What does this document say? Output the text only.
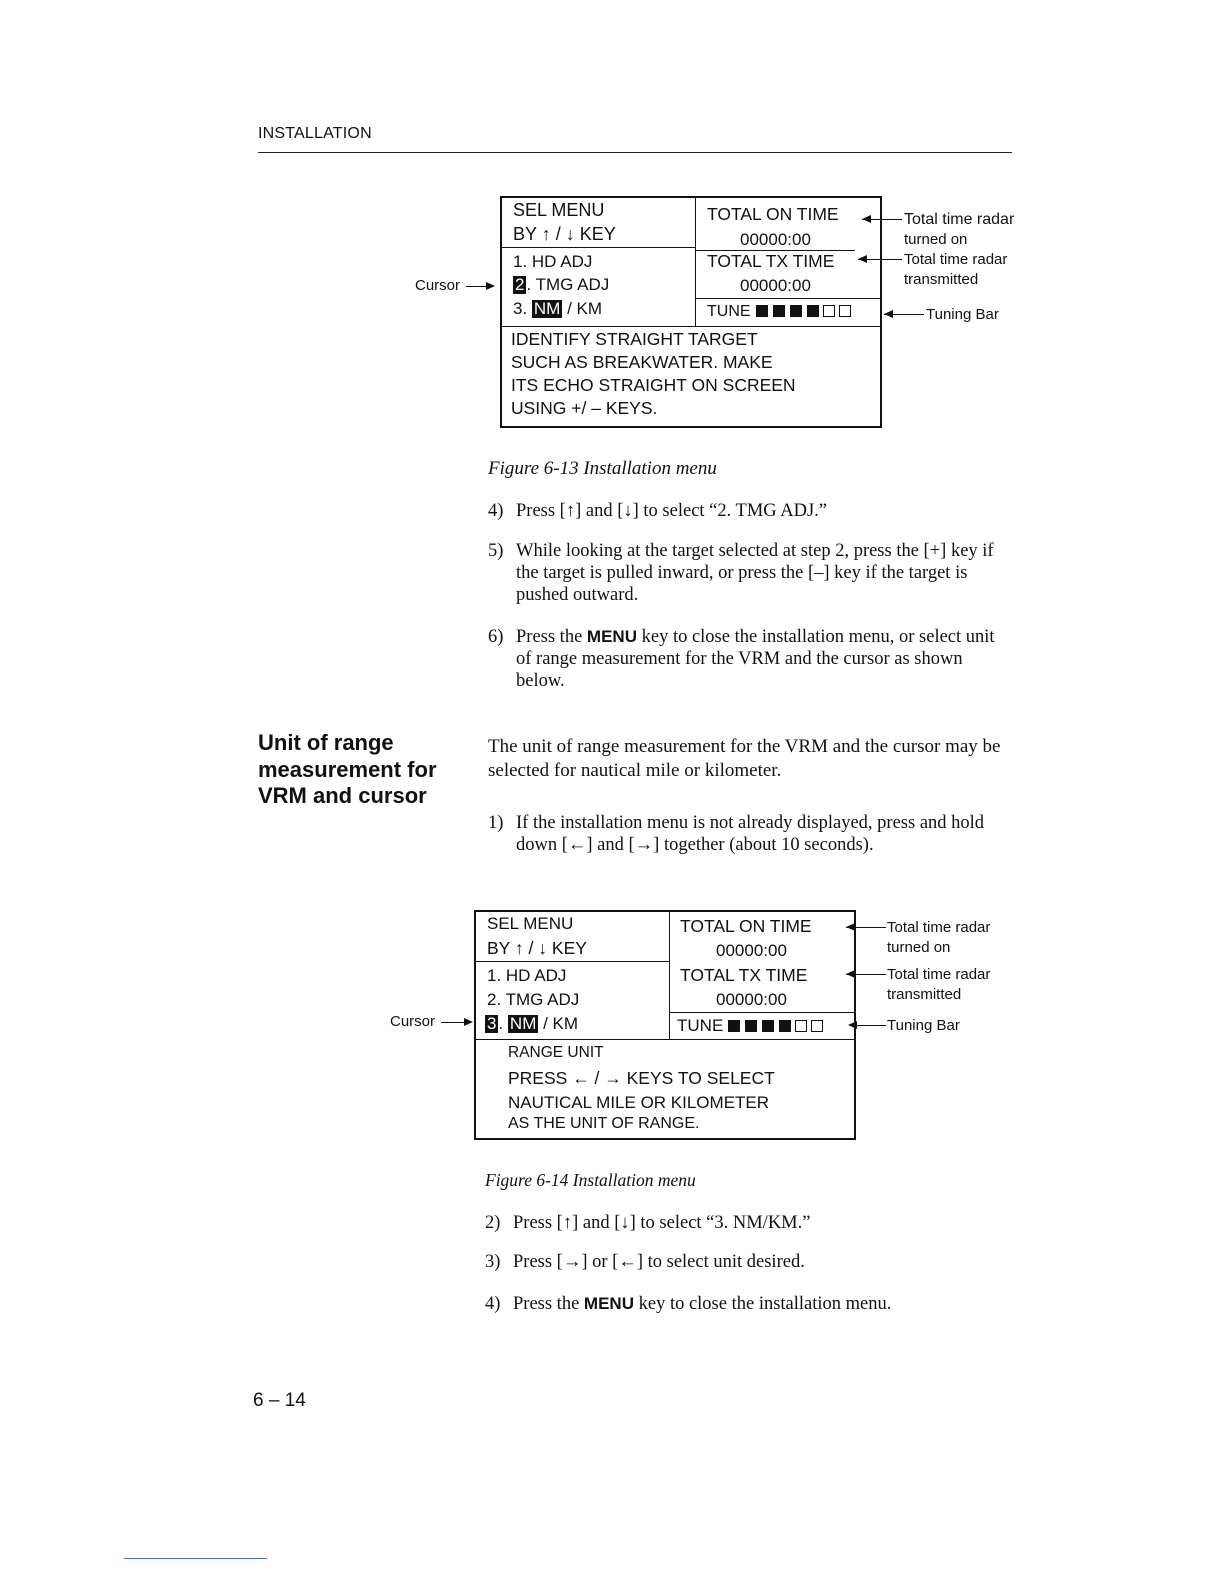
INSTALLATION
Cursor
SEL MENU
BY ↑ / ↓ KEY
1. HD ADJ
2 . TMG ADJ
3. NM / KM
TOTAL ON TIME
00000:00
TOTAL TX TIME
00000:00
TUNE
IDENTIFY STRAIGHT TARGET
SUCH AS BREAKWATER. MAKE
ITS ECHO STRAIGHT ON SCREEN
USING +/ – KEYS.
Total time radar
turned on
Total time radar
transmitted
Tuning Bar
Figure 6-13 Installation menu
4) Press [↑] and [↓] to select “2. TMG ADJ.”
5) While looking at the target selected at step 2, press the [+] key if the target is pulled inward, or press the [–] key if the target is pushed outward.
6) Press the MENU key to close the installation menu, or select unit of range measurement for the VRM and the cursor as shown below.
Unit of range
measurement for
VRM and cursor
The unit of range measurement for the VRM and the cursor may be selected for nautical mile or kilometer.
1) If the installation menu is not already displayed, press and hold down [←] and [→] together (about 10 seconds).
Cursor
SEL MENU
BY ↑ / ↓ KEY
1. HD ADJ
2. TMG ADJ
3 . NM / KM
TOTAL ON TIME
00000:00
TOTAL TX TIME
00000:00
TUNE
RANGE UNIT
PRESS ← / → KEYS TO SELECT
NAUTICAL MILE OR KILOMETER
AS THE UNIT OF RANGE.
Total time radar
turned on
Total time radar
transmitted
Tuning Bar
Figure 6-14 Installation menu
2) Press [↑] and [↓] to select “3. NM/KM.”
3) Press [→] or [←] to select unit desired.
4) Press the MENU key to close the installation menu.
6 – 14
